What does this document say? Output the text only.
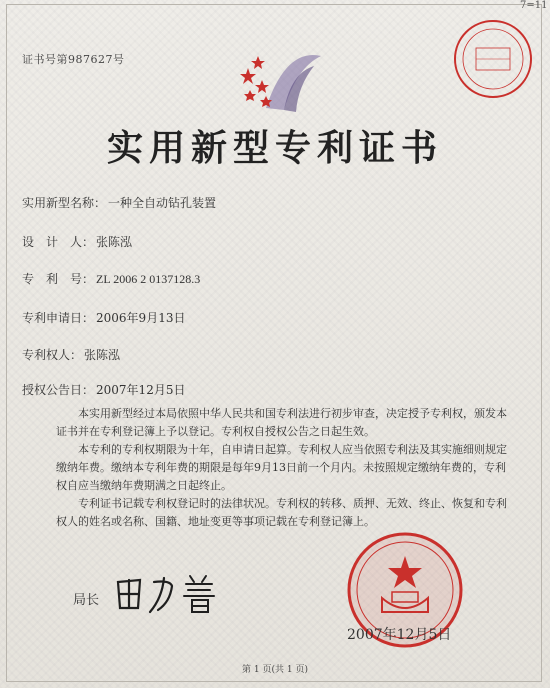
证书号第987627号
7=11
实用新型专利证书
实用新型名称： 一种全自动钻孔装置
设　计　人： 张陈泓
专　利　号： ZL 2006 2 0137128.3
专利申请日： 2006年9月13日
专利权人： 张陈泓
授权公告日： 2007年12月5日

本实用新型经过本局依照中华人民共和国专利法进行初步审查，决定授予专利权，颁发本证书并在专利登记簿上予以登记。专利权自授权公告之日起生效。

本专利的专利权期限为十年，自申请日起算。专利权人应当依照专利法及其实施细则规定缴纳年费。缴纳本专利年费的期限是每年9月13日前一个月内。未按照规定缴纳年费的，专利权自应当缴纳年费期满之日起终止。

专利证书记载专利权登记时的法律状况。专利权的转移、质押、无效、终止、恢复和专利权人的姓名或名称、国籍、地址变更等事项记载在专利登记簿上。

局长
2007年12月5日
第 1 页(共 1 页)
